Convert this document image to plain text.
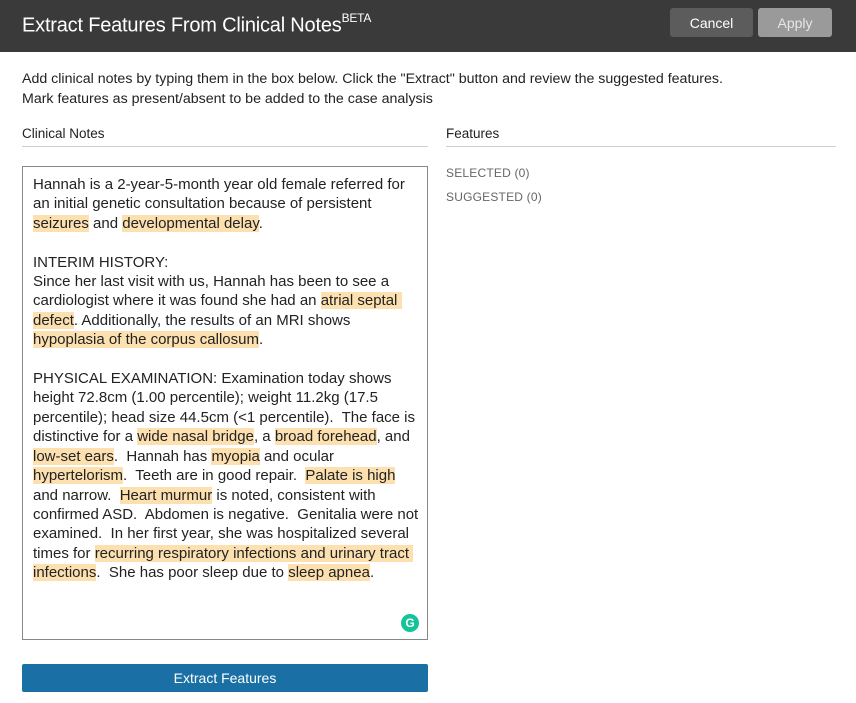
Extract Features From Clinical Notes$^{BETA}$	Cancel	Apply
Add clinical notes by typing them in the box below. Click the "Extract" button and review the suggested features.
Mark features as present/absent to be added to the case analysis
Clinical Notes	Features
Hannah is a 2-year-5-month year old female referred for an initial genetic consultation because of persistent seizures and developmental delay.

INTERIM HISTORY:
Since her last visit with us, Hannah has been to see a cardiologist where it was found she had an atrial septal defect. Additionally, the results of an MRI shows hypoplasia of the corpus callosum.

PHYSICAL EXAMINATION: Examination today shows height 72.8cm (1.00 percentile); weight 11.2kg (17.5 percentile); head size 44.5cm (<1 percentile).  The face is distinctive for a wide nasal bridge, a broad forehead, and low-set ears.  Hannah has myopia and ocular hypertelorism.  Teeth are in good repair.  Palate is high and narrow.  Heart murmur is noted, consistent with confirmed ASD.  Abdomen is negative.  Genitalia were not examined.  In her first year, she was hospitalized several times for recurring respiratory infections and urinary tract infections.  She has poor sleep due to sleep apnea.
G
SELECTED (0)
SUGGESTED (0)
Extract Features
